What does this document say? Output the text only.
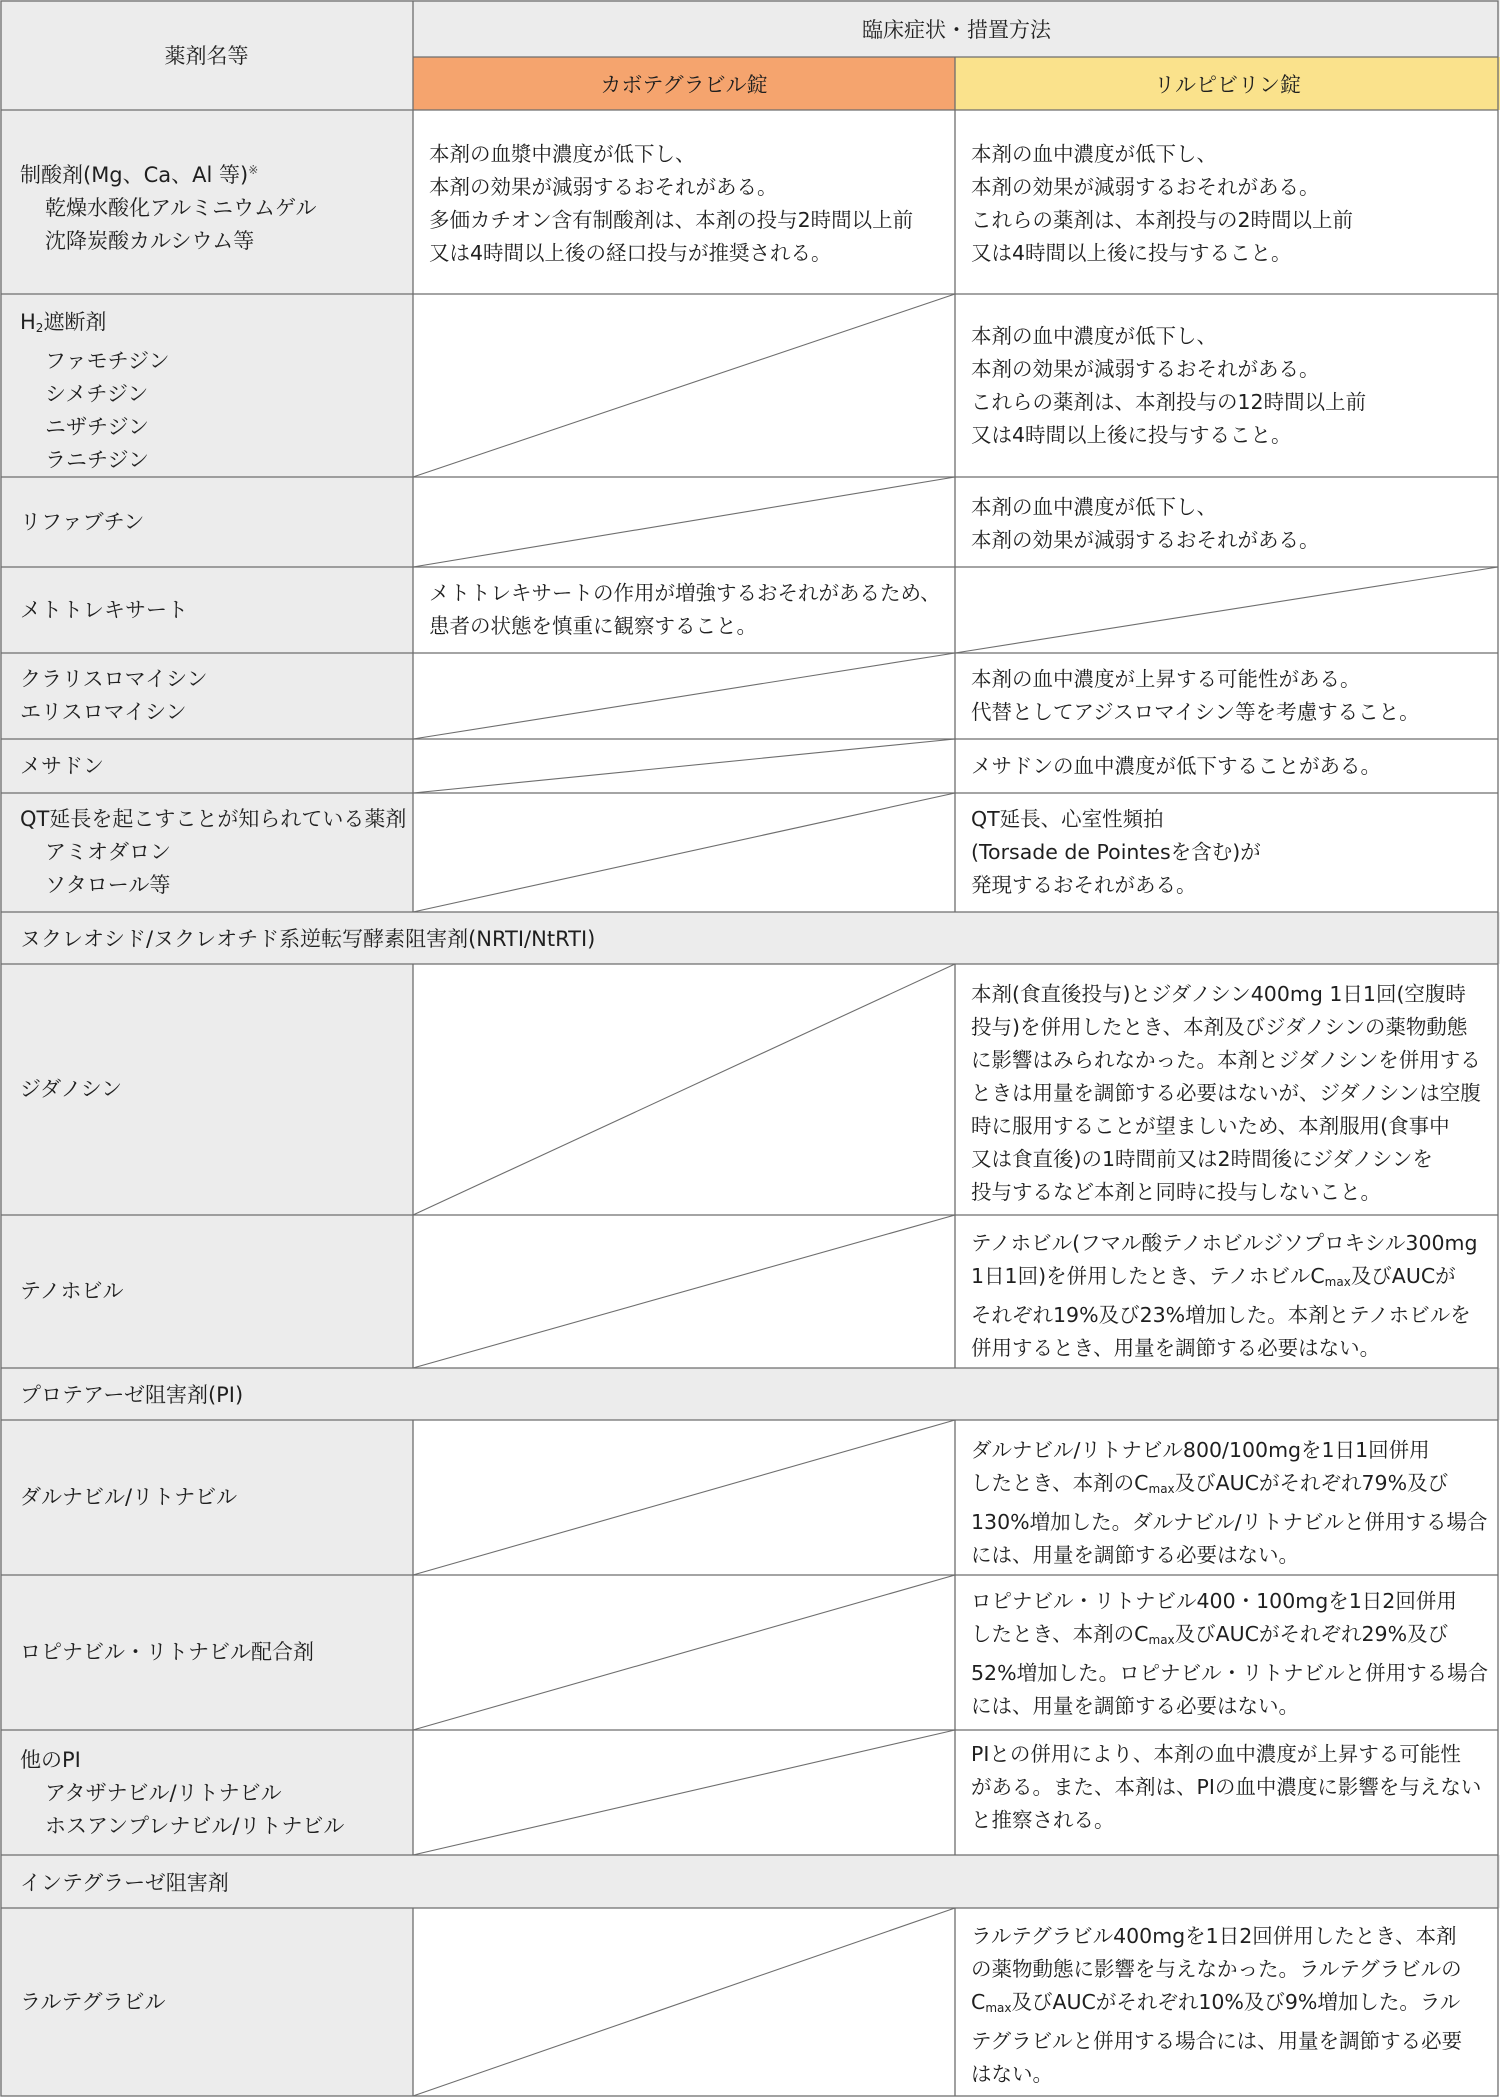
薬剤名等
臨床症状・措置方法
カボテグラビル錠	リルピビリン錠
制酸剤(Mg、Ca、Al 等)※
乾燥水酸化アルミニウムゲル
沈降炭酸カルシウム等
本剤の血漿中濃度が低下し、
本剤の効果が減弱するおそれがある。
多価カチオン含有制酸剤は、本剤の投与2時間以上前
又は4時間以上後の経口投与が推奨される。
本剤の血中濃度が低下し、
本剤の効果が減弱するおそれがある。
これらの薬剤は、本剤投与の2時間以上前
又は4時間以上後に投与すること。
$H_2$遮断剤
ファモチジン
シメチジン
ニザチジン
ラニチジン
本剤の血中濃度が低下し、
本剤の効果が減弱するおそれがある。
これらの薬剤は、本剤投与の12時間以上前
又は4時間以上後に投与すること。
リファブチン
本剤の血中濃度が低下し、
本剤の効果が減弱するおそれがある。
メトトレキサート
メトトレキサートの作用が増強するおそれがあるため、
患者の状態を慎重に観察すること。
クラリスロマイシン
エリスロマイシン
本剤の血中濃度が上昇する可能性がある。
代替としてアジスロマイシン等を考慮すること。
メサドン	メサドンの血中濃度が低下することがある。
QT延長を起こすことが知られている薬剤
アミオダロン
ソタロール等
QT延長、心室性頻拍
(Torsade de Pointesを含む)が
発現するおそれがある。
ヌクレオシド/ヌクレオチド系逆転写酵素阻害剤(NRTI/NtRTI)
ジダノシン
本剤(食直後投与)とジダノシン400mg 1日1回(空腹時
投与)を併用したとき、本剤及びジダノシンの薬物動態
に影響はみられなかった。本剤とジダノシンを併用する
ときは用量を調節する必要はないが、ジダノシンは空腹
時に服用することが望ましいため、本剤服用(食事中
又は食直後)の1時間前又は2時間後にジダノシンを
投与するなど本剤と同時に投与しないこと。
テノホビル
テノホビル(フマル酸テノホビルジソプロキシル300mg
1日1回)を併用したとき、テノホビル$C_{max}$及びAUCが
それぞれ19%及び23%増加した。本剤とテノホビルを
併用するとき、用量を調節する必要はない。
プロテアーゼ阻害剤(PI)
ダルナビル/リトナビル
ダルナビル/リトナビル800/100mgを1日1回併用
したとき、本剤の$C_{max}$及びAUCがそれぞれ79%及び
130%増加した。ダルナビル/リトナビルと併用する場合
には、用量を調節する必要はない。
ロピナビル・リトナビル配合剤
ロピナビル・リトナビル400・100mgを1日2回併用
したとき、本剤の$C_{max}$及びAUCがそれぞれ29%及び
52%増加した。ロピナビル・リトナビルと併用する場合
には、用量を調節する必要はない。
他のPI
アタザナビル/リトナビル
ホスアンプレナビル/リトナビル
PIとの併用により、本剤の血中濃度が上昇する可能性
がある。また、本剤は、PIの血中濃度に影響を与えない
と推察される。
インテグラーゼ阻害剤
ラルテグラビル
ラルテグラビル400mgを1日2回併用したとき、本剤
の薬物動態に影響を与えなかった。ラルテグラビルの
$C_{max}$及びAUCがそれぞれ10%及び9%増加した。ラル
テグラビルと併用する場合には、用量を調節する必要
はない。
